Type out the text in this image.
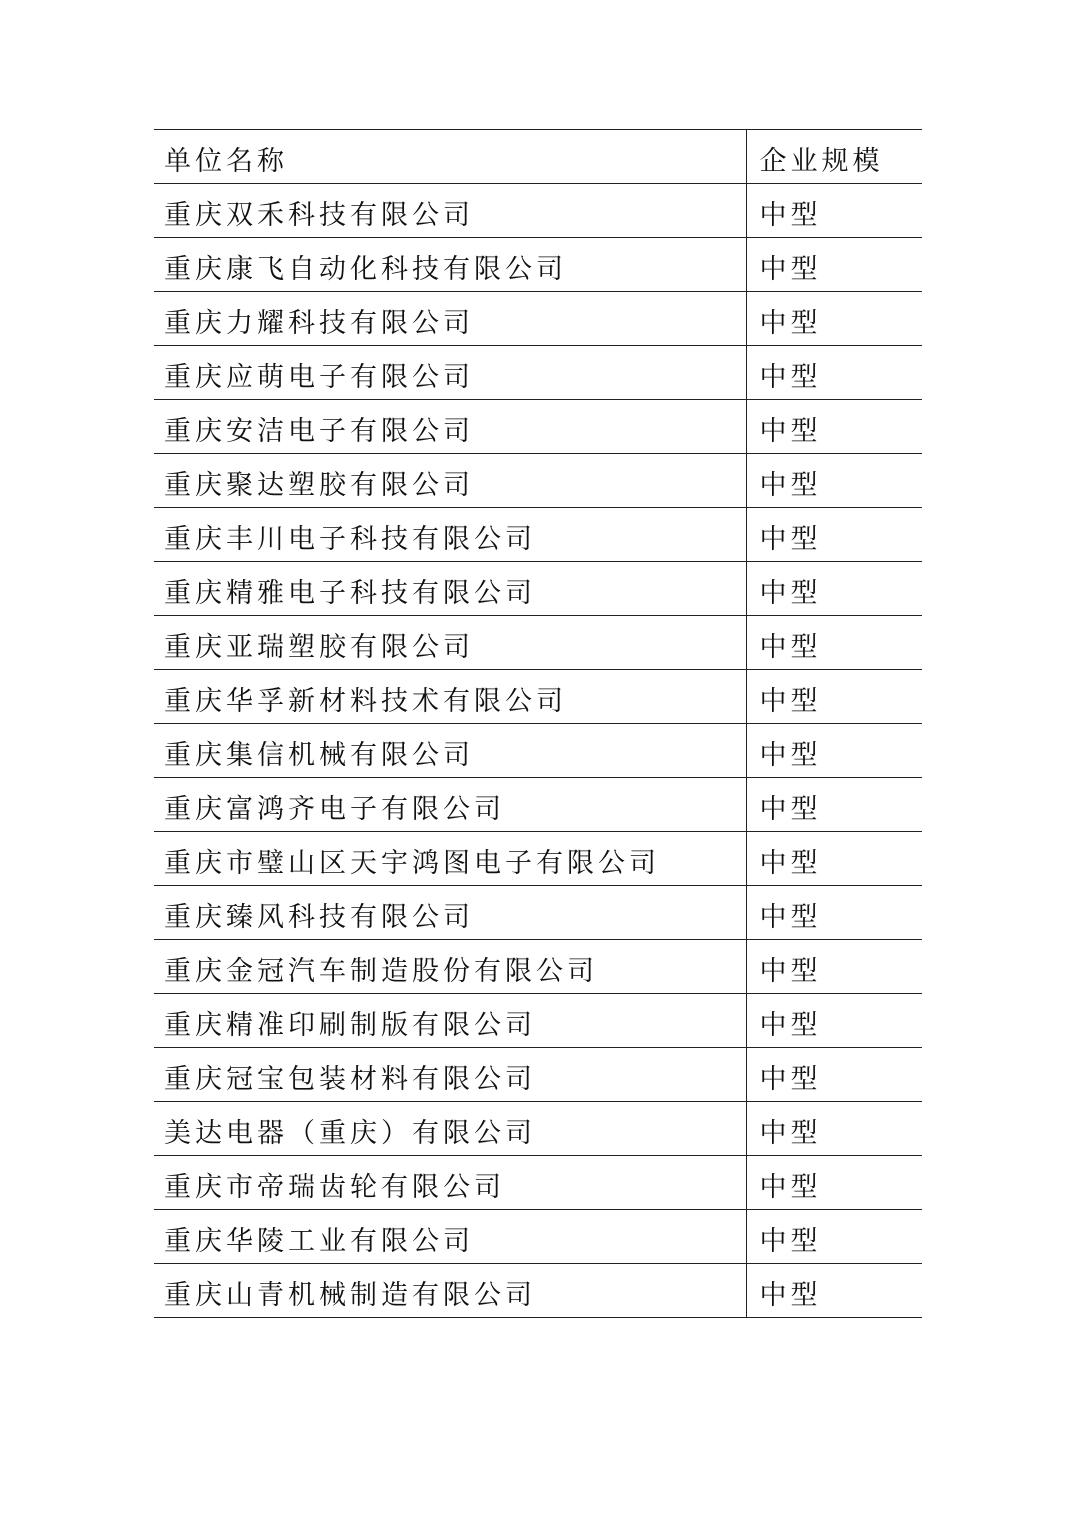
单位名称	企业规模
重庆双禾科技有限公司	中型
重庆康飞自动化科技有限公司	中型
重庆力耀科技有限公司	中型
重庆应萌电子有限公司	中型
重庆安洁电子有限公司	中型
重庆聚达塑胶有限公司	中型
重庆丰川电子科技有限公司	中型
重庆精雅电子科技有限公司	中型
重庆亚瑞塑胶有限公司	中型
重庆华孚新材料技术有限公司	中型
重庆集信机械有限公司	中型
重庆富鸿齐电子有限公司	中型
重庆市璧山区天宇鸿图电子有限公司	中型
重庆臻风科技有限公司	中型
重庆金冠汽车制造股份有限公司	中型
重庆精准印刷制版有限公司	中型
重庆冠宝包装材料有限公司	中型
美达电器（重庆）有限公司	中型
重庆市帝瑞齿轮有限公司	中型
重庆华陵工业有限公司	中型
重庆山青机械制造有限公司	中型
